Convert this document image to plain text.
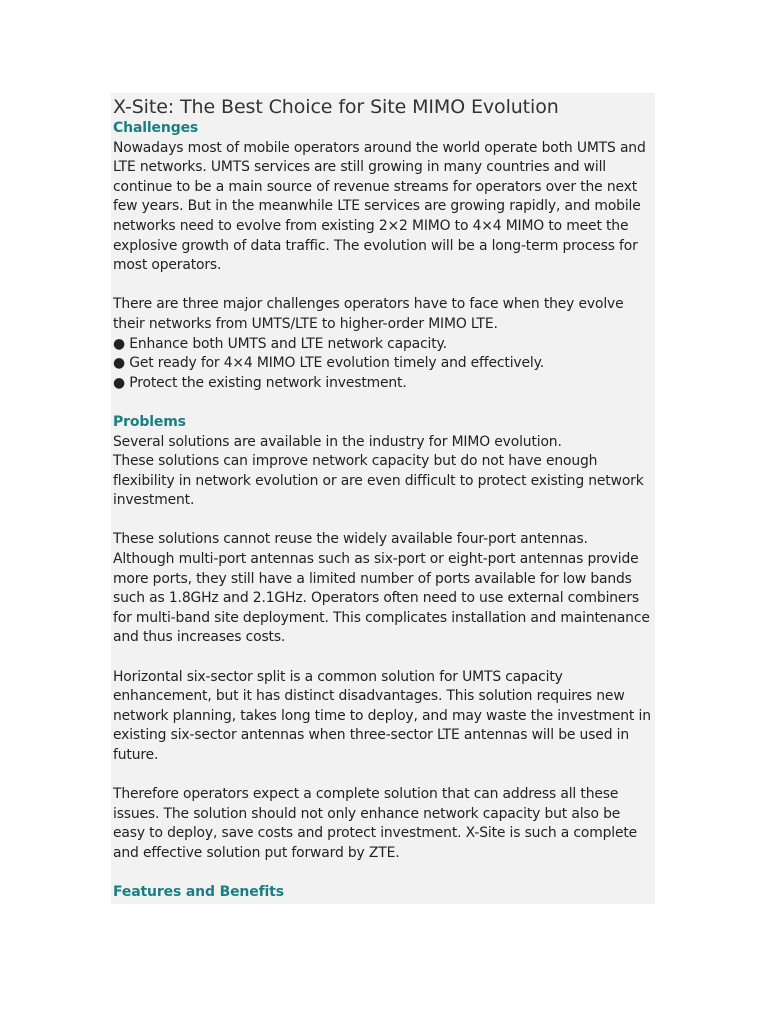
X-Site: The Best Choice for Site MIMO Evolution
Challenges

Nowadays most of mobile operators around the world operate both UMTS and LTE networks. UMTS services are still growing in many countries and will continue to be a main source of revenue streams for operators over the next few years. But in the meanwhile LTE services are growing rapidly, and mobile networks need to evolve from existing 2×2 MIMO to 4×4 MIMO to meet the explosive growth of data traffic. The evolution will be a long-term process for most operators.

There are three major challenges operators have to face when they evolve their networks from UMTS/LTE to higher-order MIMO LTE.

● Enhance both UMTS and LTE network capacity.
● Get ready for 4×4 MIMO LTE evolution timely and effectively.
● Protect the existing network investment.
Problems

Several solutions are available in the industry for MIMO evolution.

These solutions can improve network capacity but do not have enough flexibility in network evolution or are even difficult to protect existing network investment.

These solutions cannot reuse the widely available four-port antennas. Although multi-port antennas such as six-port or eight-port antennas provide more ports, they still have a limited number of ports available for low bands such as 1.8GHz and 2.1GHz. Operators often need to use external combiners for multi-band site deployment. This complicates installation and maintenance and thus increases costs.

Horizontal six-sector split is a common solution for UMTS capacity enhancement, but it has distinct disadvantages. This solution requires new network planning, takes long time to deploy, and may waste the investment in existing six-sector antennas when three-sector LTE antennas will be used in future.

Therefore operators expect a complete solution that can address all these issues. The solution should not only enhance network capacity but also be easy to deploy, save costs and protect investment. X-Site is such a complete and effective solution put forward by ZTE.

Features and Benefits
